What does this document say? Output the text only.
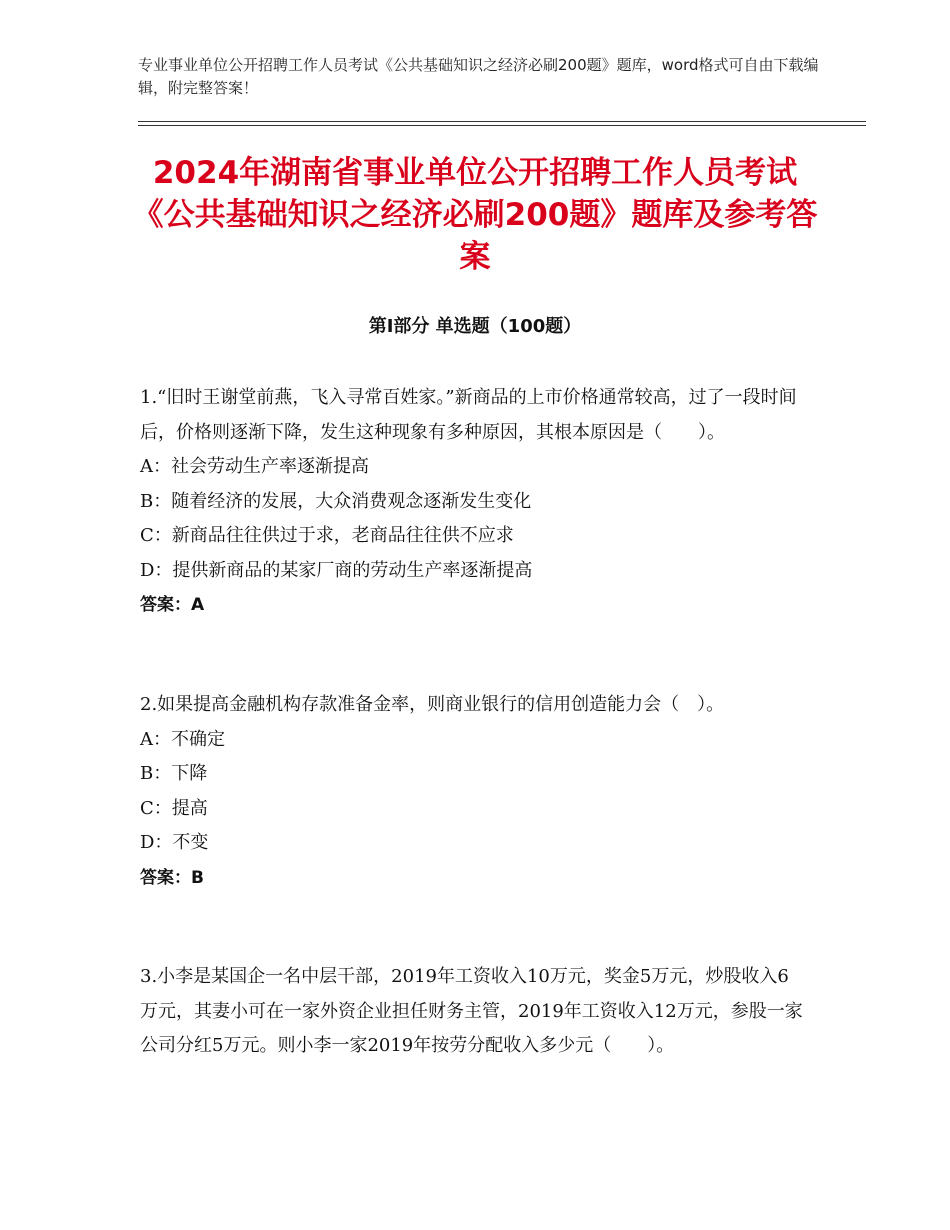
专业事业单位公开招聘工作人员考试《公共基础知识之经济必刷200题》题库，word格式可自由下载编辑，附完整答案！
2024年湖南省事业单位公开招聘工作人员考试《公共基础知识之经济必刷200题》题库及参考答案
第Ⅰ部分 单选题（100题）
1.“旧时王谢堂前燕，飞入寻常百姓家。”新商品的上市价格通常较高，过了一段时间后，价格则逐渐下降，发生这种现象有多种原因，其根本原因是（　　）。
A：社会劳动生产率逐渐提高
B：随着经济的发展，大众消费观念逐渐发生变化
C：新商品往往供过于求，老商品往往供不应求
D：提供新商品的某家厂商的劳动生产率逐渐提高
答案：A
2.如果提高金融机构存款准备金率，则商业银行的信用创造能力会（　）。
A：不确定
B：下降
C：提高
D：不变
答案：B
3.小李是某国企一名中层干部，2019年工资收入10万元，奖金5万元，炒股收入6万元，其妻小可在一家外资企业担任财务主管，2019年工资收入12万元，参股一家公司分红5万元。则小李一家2019年按劳分配收入多少元（　　）。
